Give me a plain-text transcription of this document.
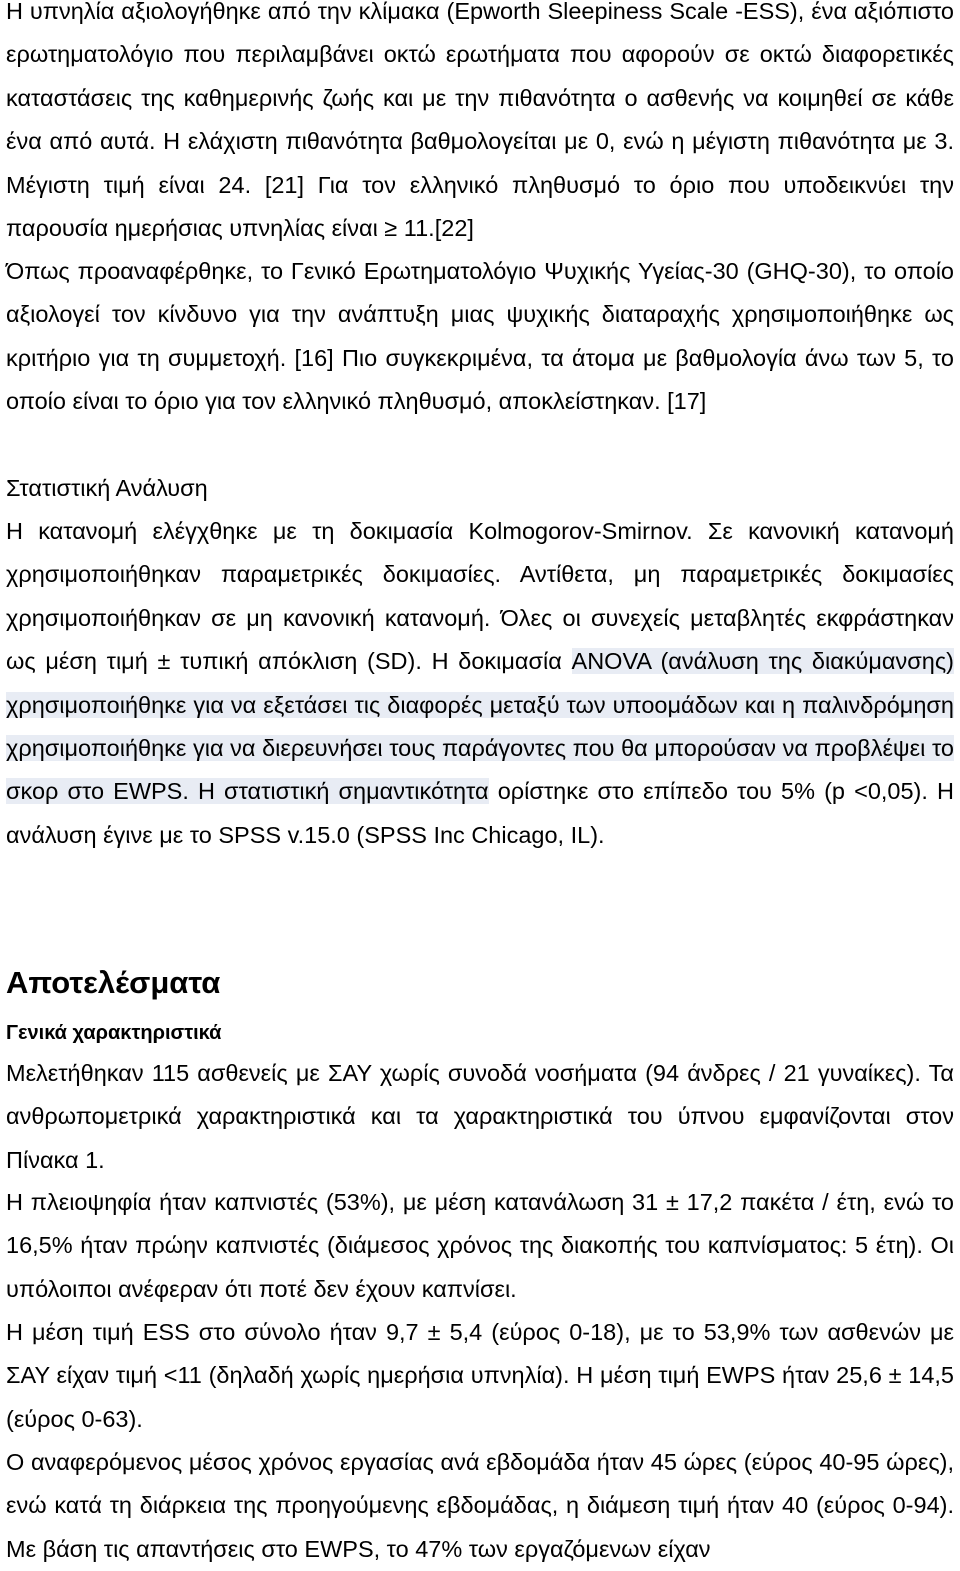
Η υπνηλία αξιολογήθηκε από την κλίμακα (Epworth Sleepiness Scale -ESS), ένα αξιόπιστο ερωτηματολόγιο που περιλαμβάνει οκτώ ερωτήματα που αφορούν σε οκτώ διαφορετικές καταστάσεις της καθημερινής ζωής και με την πιθανότητα ο ασθενής να κοιμηθεί σε κάθε ένα από αυτά. Η ελάχιστη πιθανότητα βαθμολογείται με 0, ενώ η μέγιστη πιθανότητα με 3. Μέγιστη τιμή είναι 24. [21] Για τον ελληνικό πληθυσμό το όριο που υποδεικνύει την παρουσία ημερήσιας υπνηλίας είναι ≥ 11.[22]

Όπως προαναφέρθηκε, το Γενικό Ερωτηματολόγιο Ψυχικής Υγείας-30 (GHQ-30), το οποίο αξιολογεί τον κίνδυνο για την ανάπτυξη μιας ψυχικής διαταραχής χρησιμοποιήθηκε ως κριτήριο για τη συμμετοχή. [16] Πιο συγκεκριμένα, τα άτομα με βαθμολογία άνω των 5, το οποίο είναι το όριο για τον ελληνικό πληθυσμό, αποκλείστηκαν. [17]

Στατιστική Ανάλυση

Η κατανομή ελέγχθηκε με τη δοκιμασία Kolmogorov-Smirnov. Σε κανονική κατανομή χρησιμοποιήθηκαν παραμετρικές δοκιμασίες. Αντίθετα, μη παραμετρικές δοκιμασίες χρησιμοποιήθηκαν σε μη κανονική κατανομή. Όλες οι συνεχείς μεταβλητές εκφράστηκαν ως μέση τιμή ± τυπική απόκλιση (SD). Η δοκιμασία ANOVA (ανάλυση της διακύμανσης) χρησιμοποιήθηκε για να εξετάσει τις διαφορές μεταξύ των υποομάδων και η παλινδρόμηση χρησιμοποιήθηκε για να διερευνήσει τους παράγοντες που θα μπορούσαν να προβλέψει το σκορ στο EWPS. Η στατιστική σημαντικότητα ορίστηκε στο επίπεδο του 5% (p <0,05). Η ανάλυση έγινε με το SPSS v.15.0 (SPSS Inc Chicago, IL).

Αποτελέσματα
Γενικά χαρακτηριστικά

Μελετήθηκαν 115 ασθενείς με ΣΑΥ χωρίς συνοδά νοσήματα (94 άνδρες / 21 γυναίκες). Τα ανθρωπομετρικά χαρακτηριστικά και τα χαρακτηριστικά του ύπνου εμφανίζονται στον Πίνακα 1.

Η πλειοψηφία ήταν καπνιστές (53%), με μέση κατανάλωση 31 ± 17,2 πακέτα / έτη, ενώ το 16,5% ήταν πρώην καπνιστές (διάμεσος χρόνος της διακοπής του καπνίσματος: 5 έτη). Οι υπόλοιποι ανέφεραν ότι ποτέ δεν έχουν καπνίσει.

Η μέση τιμή ESS στο σύνολο ήταν 9,7 ± 5,4 (εύρος 0-18), με το 53,9% των ασθενών με ΣΑΥ είχαν τιμή <11 (δηλαδή χωρίς ημερήσια υπνηλία). Η μέση τιμή EWPS ήταν 25,6 ± 14,5 (εύρος 0-63).

Ο αναφερόμενος μέσος χρόνος εργασίας ανά εβδομάδα ήταν 45 ώρες (εύρος 40-95 ώρες), ενώ κατά τη διάρκεια της προηγούμενης εβδομάδας, η διάμεση τιμή ήταν 40 (εύρος 0-94). Με βάση τις απαντήσεις στο EWPS, το 47% των εργαζόμενων είχαν
